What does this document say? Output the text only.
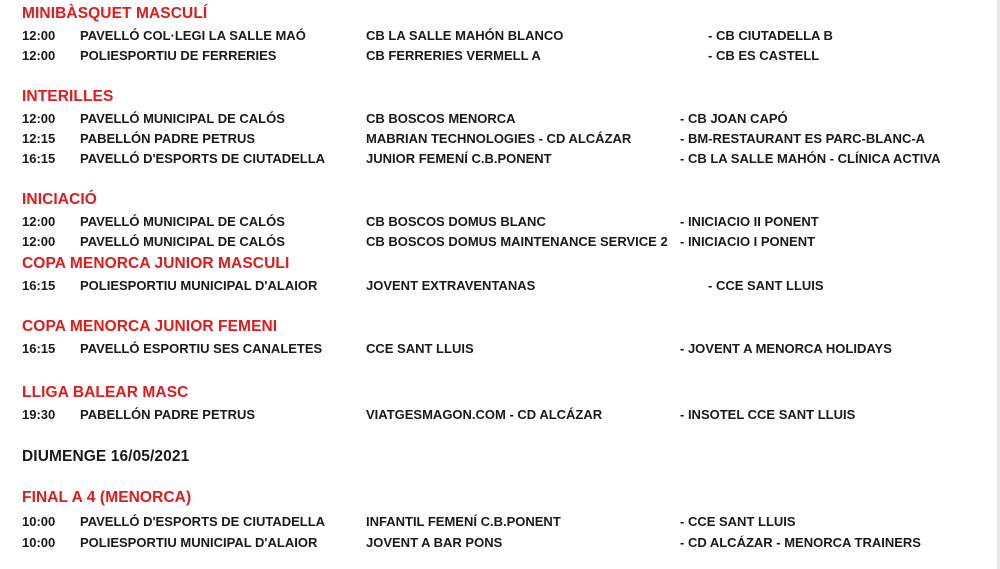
MINIBÀSQUET MASCULÍ
12:00 PAVELLÓ COL·LEGI LA SALLE MAÓ	CB LA SALLE MAHÓN BLANCO	- CB CIUTADELLA B
12:00 POLIESPORTIU DE FERRERIES	CB FERRERIES VERMELL A	- CB ES CASTELL
INTERILLES
12:00 PAVELLÓ MUNICIPAL DE CALÓS	CB BOSCOS MENORCA	- CB JOAN CAPÓ
12:15 PABELLÓN PADRE PETRUS	MABRIAN TECHNOLOGIES - CD ALCÁZAR	- BM-RESTAURANT ES PARC-BLANC-A
16:15 PAVELLÓ D'ESPORTS DE CIUTADELLA	JUNIOR FEMENÍ C.B.PONENT	- CB LA SALLE MAHÓN - CLÍNICA ACTIVA
INICIACIÓ
12:00 PAVELLÓ MUNICIPAL DE CALÓS	CB BOSCOS DOMUS BLANC	- INICIACIO II PONENT
12:00 PAVELLÓ MUNICIPAL DE CALÓS	CB BOSCOS DOMUS MAINTENANCE SERVICE 2 - INICIACIO I PONENT
COPA MENORCA JUNIOR MASCULI
16:15 POLIESPORTIU MUNICIPAL D'ALAIOR	JOVENT EXTRAVENTANAS	- CCE SANT LLUIS
COPA MENORCA JUNIOR FEMENI
16:15 PAVELLÓ ESPORTIU SES CANALETES	CCE SANT LLUIS	- JOVENT A MENORCA HOLIDAYS
LLIGA BALEAR MASC
19:30 PABELLÓN PADRE PETRUS	VIATGESMAGON.COM - CD ALCÁZAR	- INSOTEL CCE SANT LLUIS
DIUMENGE 16/05/2021
FINAL A 4 (MENORCA)
10:00 PAVELLÓ D'ESPORTS DE CIUTADELLA	INFANTIL FEMENÍ C.B.PONENT	- CCE SANT LLUIS
10:00 POLIESPORTIU MUNICIPAL D'ALAIOR	JOVENT A BAR PONS	- CD ALCÁZAR - MENORCA TRAINERS
